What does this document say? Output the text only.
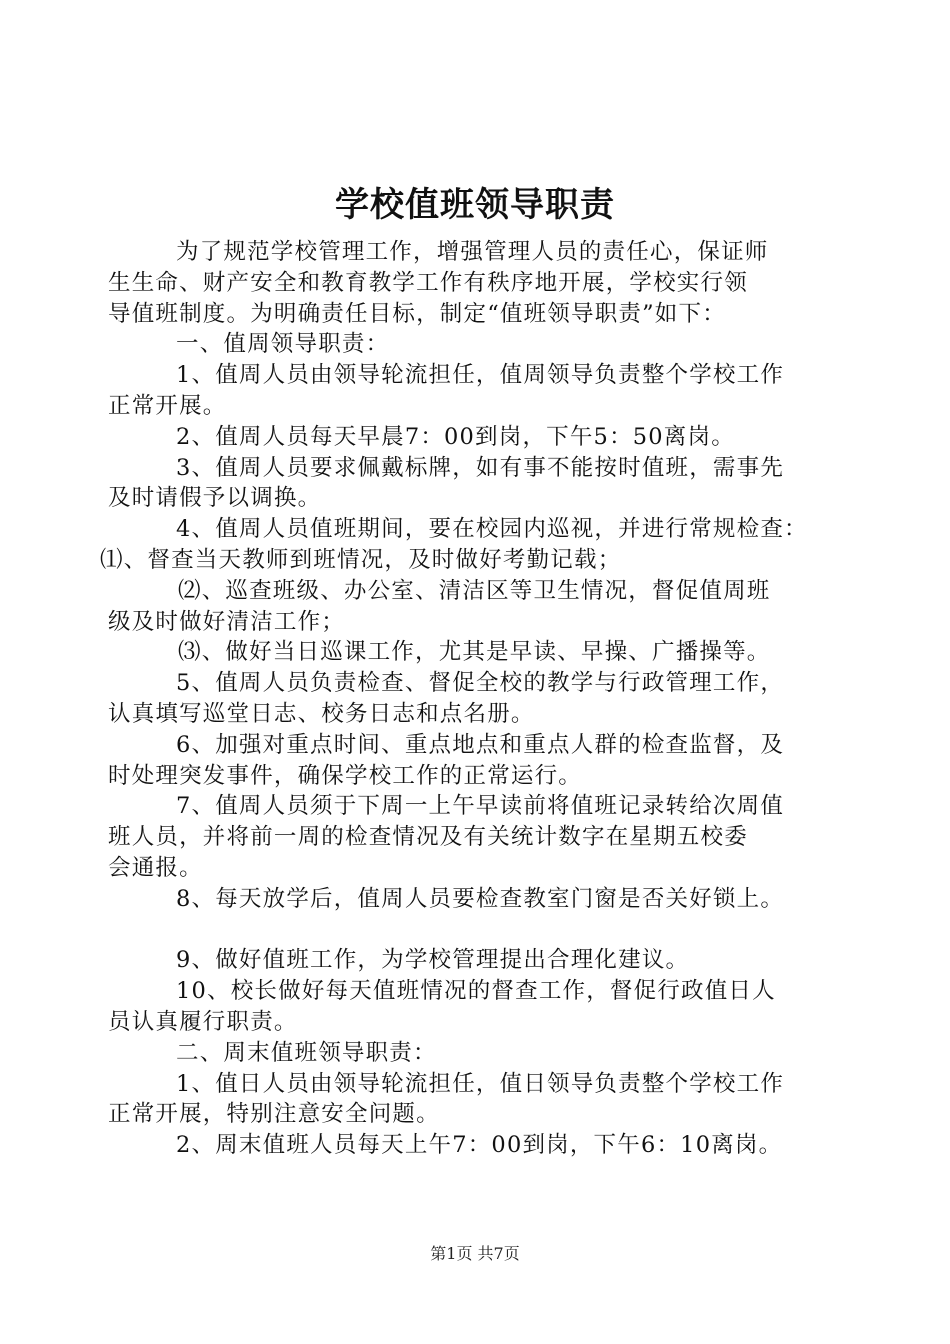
学校值班领导职责
为了规范学校管理工作，增强管理人员的责任心，保证师
生生命、财产安全和教育教学工作有秩序地开展，学校实行领
导值班制度。为明确责任目标，制定“值班领导职责”如下：
一、值周领导职责：
1、值周人员由领导轮流担任，值周领导负责整个学校工作
正常开展。
2、值周人员每天早晨7：00到岗，下午5：50离岗。
3、值周人员要求佩戴标牌，如有事不能按时值班，需事先
及时请假予以调换。
4、值周人员值班期间，要在校园内巡视，并进行常规检查：
⑴、督查当天教师到班情况，及时做好考勤记载；
⑵、巡查班级、办公室、清洁区等卫生情况，督促值周班
级及时做好清洁工作；
⑶、做好当日巡课工作，尤其是早读、早操、广播操等。
5、值周人员负责检查、督促全校的教学与行政管理工作，
认真填写巡堂日志、校务日志和点名册。
6、加强对重点时间、重点地点和重点人群的检查监督，及
时处理突发事件，确保学校工作的正常运行。
7、值周人员须于下周一上午早读前将值班记录转给次周值
班人员，并将前一周的检查情况及有关统计数字在星期五校委
会通报。
8、每天放学后，值周人员要检查教室门窗是否关好锁上。
9、做好值班工作，为学校管理提出合理化建议。
10、校长做好每天值班情况的督查工作，督促行政值日人
员认真履行职责。
二、周末值班领导职责：
1、值日人员由领导轮流担任，值日领导负责整个学校工作
正常开展，特别注意安全问题。
2、周末值班人员每天上午7：00到岗，下午6：10离岗。
第1页 共7页
